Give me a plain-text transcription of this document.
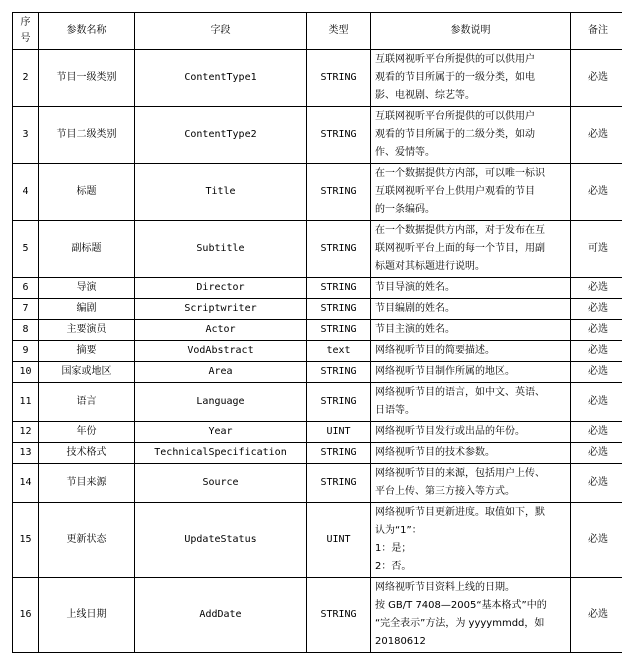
序号	参数名称	字段	类型	参数说明	备注
2	节目一级类别	ContentType1	STRING	互联网视听平台所提供的可以供用户
观看的节目所属于的一级分类，如电
影、电视剧、综艺等。	必选
3	节目二级类别	ContentType2	STRING	互联网视听平台所提供的可以供用户
观看的节目所属于的二级分类，如动
作、爱情等。	必选
4	标题	Title	STRING	在一个数据提供方内部，可以唯一标识
互联网视听平台上供用户观看的节目
的一条编码。	必选
5	副标题	Subtitle	STRING	在一个数据提供方内部，对于发布在互
联网视听平台上面的每一个节目，用副
标题对其标题进行说明。	可选
6	导演	Director	STRING	节目导演的姓名。	必选
7	编剧	Scriptwriter	STRING	节目编剧的姓名。	必选
8	主要演员	Actor	STRING	节目主演的姓名。	必选
9	摘要	VodAbstract	text	网络视听节目的简要描述。	必选
10	国家或地区	Area	STRING	网络视听节目制作所属的地区。	必选
11	语言	Language	STRING	网络视听节目的语言，如中文、英语、
日语等。	必选
12	年份	Year	UINT	网络视听节目发行或出品的年份。	必选
13	技术格式	TechnicalSpecification	STRING	网络视听节目的技术参数。	必选
14	节目来源	Source	STRING	网络视听节目的来源，包括用户上传、
平台上传、第三方接入等方式。	必选
15	更新状态	UpdateStatus	UINT	网络视听节目更新进度。取值如下，默
认为“1”：
1：是；
2：否。	必选
16	上线日期	AddDate	STRING	网络视听节目资料上线的日期。
按 GB/T 7408—2005“基本格式”中的
“完全表示”方法，为 yyyymmdd，如
20180612	必选
